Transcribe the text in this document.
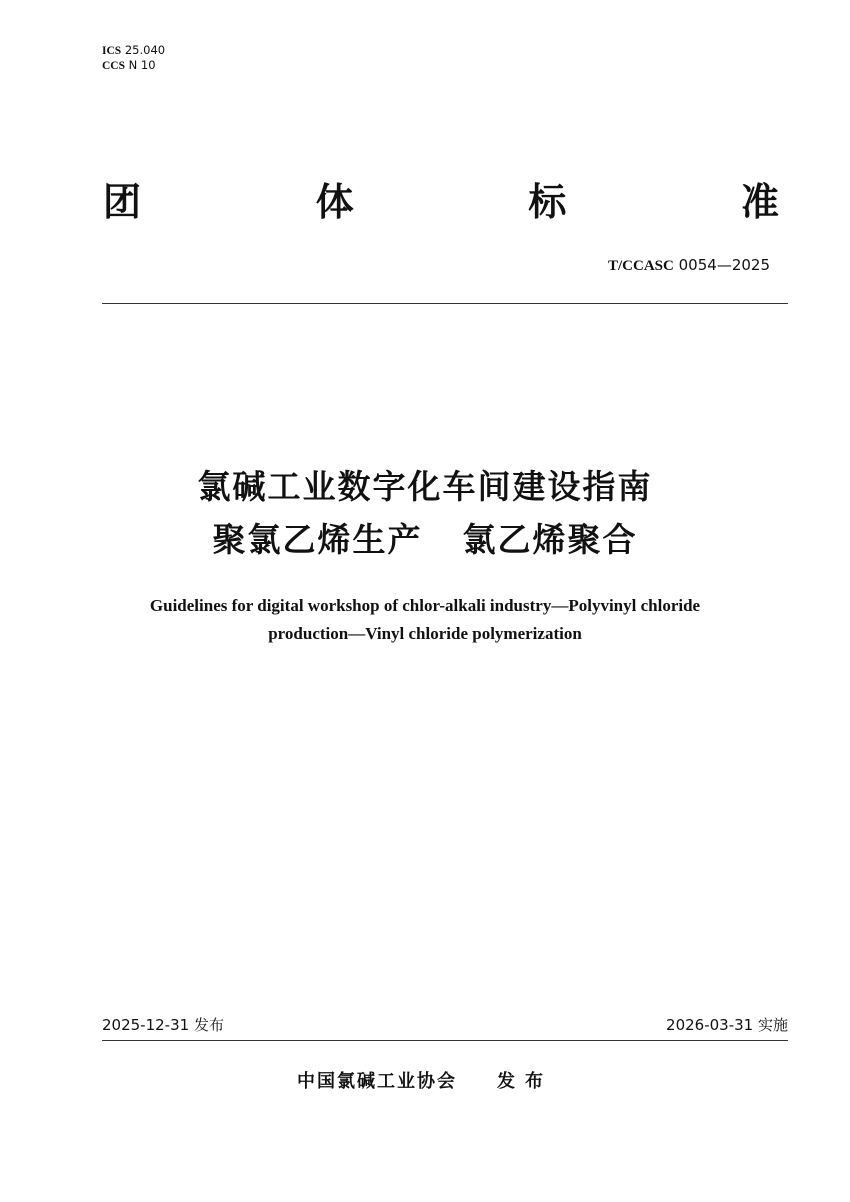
ICS 25.040
CCS N 10
团	体	标	准
T/CCASC 0054—2025
氯碱工业数字化车间建设指南
聚氯乙烯生产 氯乙烯聚合
Guidelines for digital workshop of chlor-alkali industry—Polyvinyl chloride
production—Vinyl chloride polymerization
2025-12-31 发布	2026-03-31 实施
中国氯碱工业协会 发布
